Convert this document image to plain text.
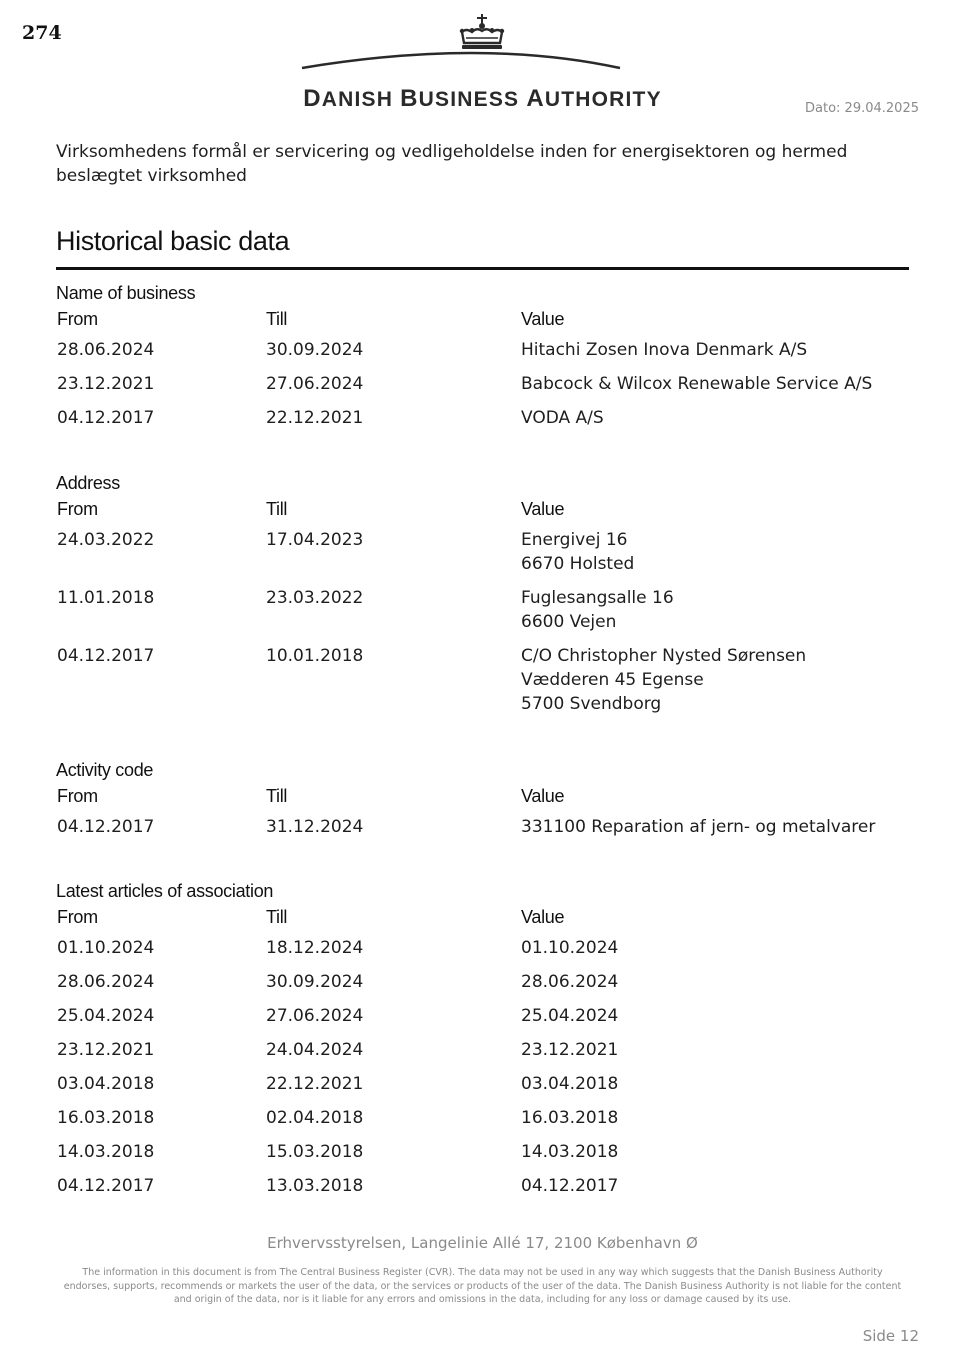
274
DANISH BUSINESS AUTHORITY	Dato: 29.04.2025
Virksomhedens formål er servicering og vedligeholdelse inden for energisektoren og hermed beslægtet virksomhed
Historical basic data
Name of business
From	Till	Value
28.06.2024	30.09.2024	Hitachi Zosen Inova Denmark A/S
23.12.2021	27.06.2024	Babcock & Wilcox Renewable Service A/S
04.12.2017	22.12.2021	VODA A/S
Address
From	Till	Value
24.03.2022	17.04.2023	Energivej 16
6670 Holsted
11.01.2018	23.03.2022	Fuglesangsalle 16
6600 Vejen
04.12.2017	10.01.2018	C/O Christopher Nysted Sørensen
Vædderen 45 Egense
5700 Svendborg
Activity code
From	Till	Value
04.12.2017	31.12.2024	331100 Reparation af jern- og metalvarer
Latest articles of association
From	Till	Value
01.10.2024	18.12.2024	01.10.2024
28.06.2024	30.09.2024	28.06.2024
25.04.2024	27.06.2024	25.04.2024
23.12.2021	24.04.2024	23.12.2021
03.04.2018	22.12.2021	03.04.2018
16.03.2018	02.04.2018	16.03.2018
14.03.2018	15.03.2018	14.03.2018
04.12.2017	13.03.2018	04.12.2017
Erhvervsstyrelsen, Langelinie Allé 17, 2100 København Ø
The information in this document is from The Central Business Register (CVR). The data may not be used in any way which suggests that the Danish Business Authority endorses, supports, recommends or markets the user of the data, or the services or products of the user of the data. The Danish Business Authority is not liable for the content and origin of the data, nor is it liable for any errors and omissions in the data, including for any loss or damage caused by its use.
Side 12
